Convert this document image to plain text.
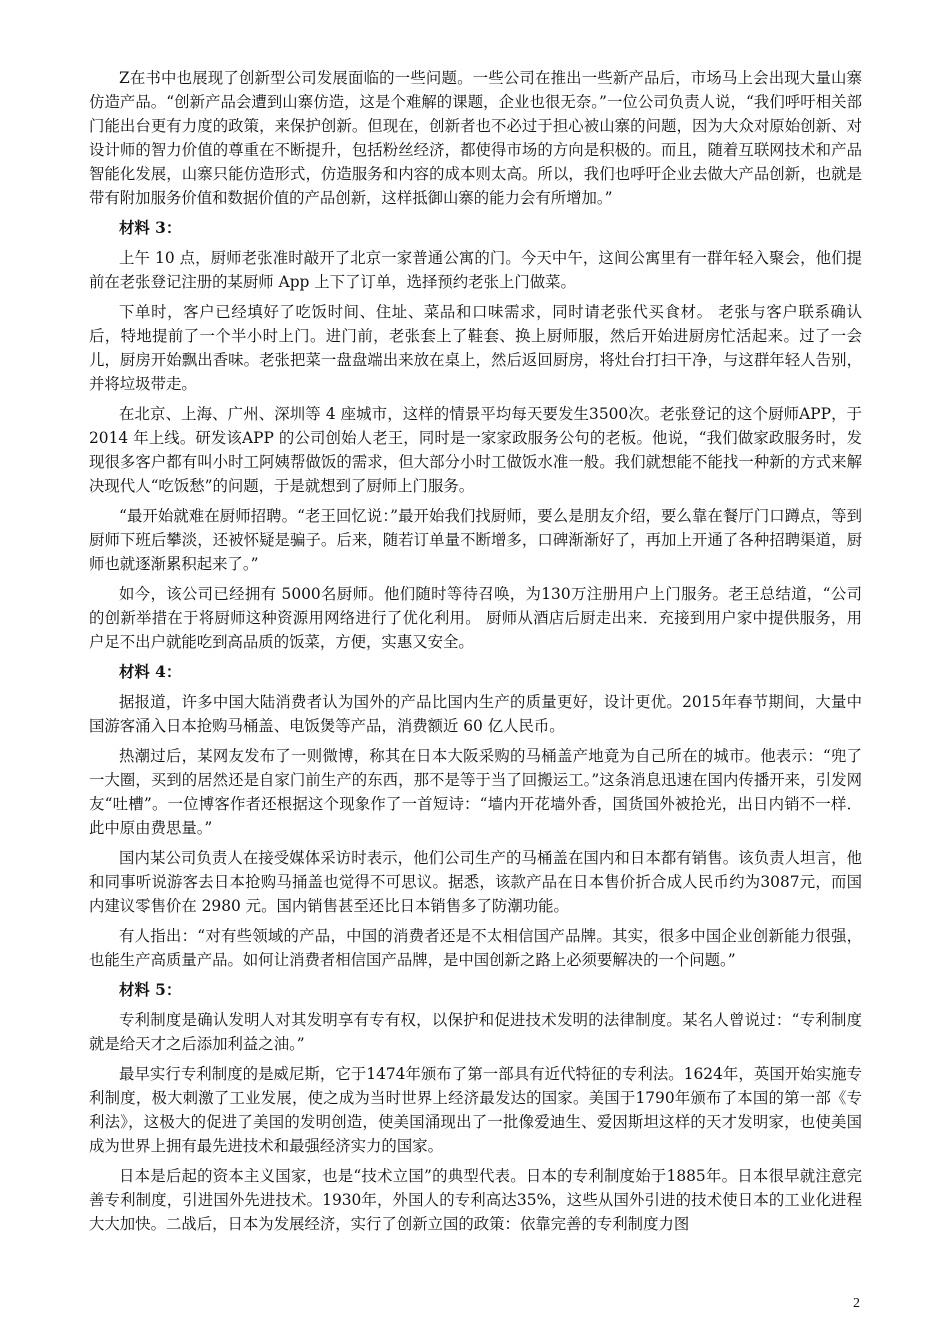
Z在书中也展现了创新型公司发展面临的一些问题。一些公司在推出一些新产品后，市场马上会出现大量山寨仿造产品。“创新产品会遭到山寨仿造，这是个难解的课题，企业也很无奈。”一位公司负责人说，“我们呼吁相关部门能出台更有力度的政策，来保护创新。但现在，创新者也不必过于担心被山寨的问题，因为大众对原始创新、对设计师的智力价值的尊重在不断提升，包括粉丝经济，都使得市场的方向是积极的。而且，随着互联网技术和产品智能化发展，山寨只能仿造形式，仿造服务和内容的成本则太高。所以，我们也呼吁企业去做大产品创新，也就是带有附加服务价值和数据价值的产品创新，这样抵御山寨的能力会有所增加。”

材料 3：

上午 10 点，厨师老张准时敲开了北京一家普通公寓的门。今天中午，这间公寓里有一群年轻入聚会，他们提前在老张登记注册的某厨师 App 上下了订单，选择预约老张上门做菜。

下单时，客户已经填好了吃饭时间、住址、菜品和口味需求，同时请老张代买食材。 老张与客户联系确认后，特地提前了一个半小时上门。进门前，老张套上了鞋套、换上厨师服，然后开始进厨房忙活起来。过了一会儿，厨房开始飘出香味。老张把菜一盘盘端出来放在桌上，然后返回厨房，将灶台打扫干净，与这群年轻人告别，并将垃圾带走。

在北京、上海、广州、深圳等 4 座城市，这样的情景平均每天要发生3500次。老张登记的这个厨师APP，于 2014 年上线。研发该APP 的公司创始人老王，同时是一家家政服务公句的老板。他说，“我们做家政服务时，发现很多客户都有叫小时工阿姨帮做饭的需求，但大部分小时工做饭水准一般。我们就想能不能找一种新的方式来解决现代人“吃饭愁”的问题，于是就想到了厨师上门服务。

“最开始就难在厨师招聘。“老王回忆说：”最开始我们找厨师，要么是朋友介绍，要么靠在餐厅门口蹲点，等到厨师下班后攀淡，还被怀疑是骗子。后来，随若订单量不断增多，口碑渐渐好了，再加上开通了各种招聘渠道，厨师也就逐渐累积起来了。”

如今，该公司已经拥有 5000名厨师。他们随时等待召唤，为130万注册用户上门服务。老王总结道，“公司的创新举措在于将厨师这种资源用网络进行了优化利用。 厨师从酒店后厨走出来．充接到用户家中提供服务，用户足不出户就能吃到高品质的饭菜，方便，实惠又安全。

材料 4：

据报道，许多中国大陆消费者认为国外的产品比国内生产的质量更好，设计更优。2015年春节期间，大量中国游客涌入日本抢购马桶盖、电饭煲等产品，消费额近 60 亿人民币。

热潮过后，某网友发布了一则微博，称其在日本大阪采购的马桶盖产地竟为自己所在的城市。他表示：“兜了一大圈，买到的居然还是自家门前生产的东西，那不是等于当了回搬运工。”这条消息迅速在国内传播开来，引发网友“吐槽”。一位博客作者还根据这个现象作了一首短诗：“墙内开花墙外香，国货国外被抢光，出日内销不一样．此中原由费思量。”

国内某公司负责人在接受媒体采访时表示，他们公司生产的马桶盖在国内和日本都有销售。该负责人坦言，他和同事听说游客去日本抢购马捅盖也觉得不可思议。据悉，该款产品在日本售价折合成人民币约为3087元，而国内建议零售价在 2980 元。国内销售甚至还比日本销售多了防潮功能。

有人指出：“对有些领域的产品，中国的消费者还是不太相信国产品牌。其实，很多中国企业创新能力很强，也能生产高质量产品。如何让消费者相信国产品牌，是中国创新之路上必须要解决的一个问题。”

材料 5：

专利制度是确认发明人对其发明享有专有权，以保护和促进技术发明的法律制度。某名人曾说过：“专利制度就是给天才之后添加利益之油。”

最早实行专利制度的是威尼斯，它于1474年颁布了第一部具有近代特征的专利法。1624年，英国开始实施专利制度，极大刺激了工业发展，使之成为当时世界上经济最发达的国家。美国于1790年颁布了本国的第一部《专利法》，这极大的促进了美国的发明创造，使美国涌现出了一批像爱迪生、爱因斯坦这样的天才发明家，也使美国成为世界上拥有最先进技术和最强经济实力的国家。

日本是后起的资本主义国家，也是“技术立国”的典型代表。日本的专利制度始于1885年。日本很早就注意完善专利制度，引进国外先进技术。1930年，外国人的专利高达35%，这些从国外引进的技术使日本的工业化进程大大加快。二战后，日本为发展经济，实行了创新立国的政策：依靠完善的专利制度力图

2
